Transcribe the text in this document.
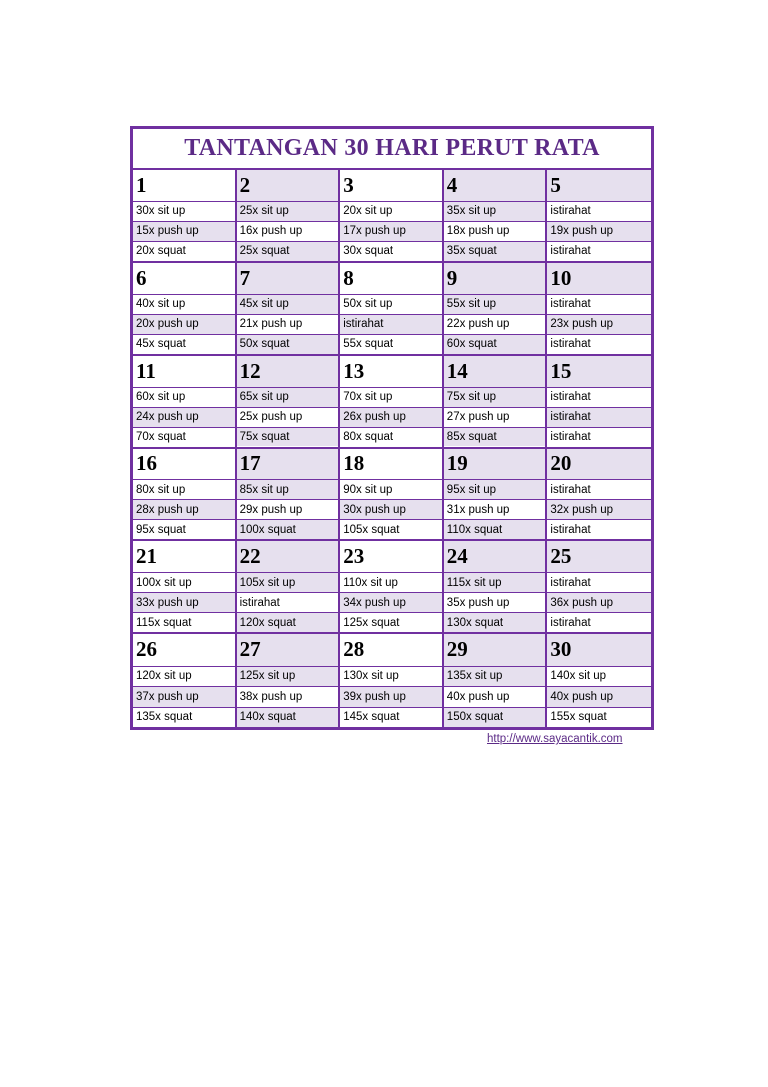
TANTANGAN 30 HARI PERUT RATA
1
30x sit up
15x push up
20x squat
2
25x sit up
16x push up
25x squat
3
20x sit up
17x push up
30x squat
4
35x sit up
18x push up
35x squat
5
istirahat
19x push up
istirahat
6
40x sit up
20x push up
45x squat
7
45x sit up
21x push up
50x squat
8
50x sit up
istirahat
55x squat
9
55x sit up
22x push up
60x squat
10
istirahat
23x push up
istirahat
11
60x sit up
24x push up
70x squat
12
65x sit up
25x push up
75x squat
13
70x sit up
26x push up
80x squat
14
75x sit up
27x push up
85x squat
15
istirahat
istirahat
istirahat
16
80x sit up
28x push up
95x squat
17
85x sit up
29x push up
100x squat
18
90x sit up
30x push up
105x squat
19
95x sit up
31x push up
110x squat
20
istirahat
32x push up
istirahat
21
100x sit up
33x push up
115x squat
22
105x sit up
istirahat
120x squat
23
110x sit up
34x push up
125x squat
24
115x sit up
35x push up
130x squat
25
istirahat
36x push up
istirahat
26
120x sit up
37x push up
135x squat
27
125x sit up
38x push up
140x squat
28
130x sit up
39x push up
145x squat
29
135x sit up
40x push up
150x squat
30
140x sit up
40x push up
155x squat
http://www.sayacantik.com
